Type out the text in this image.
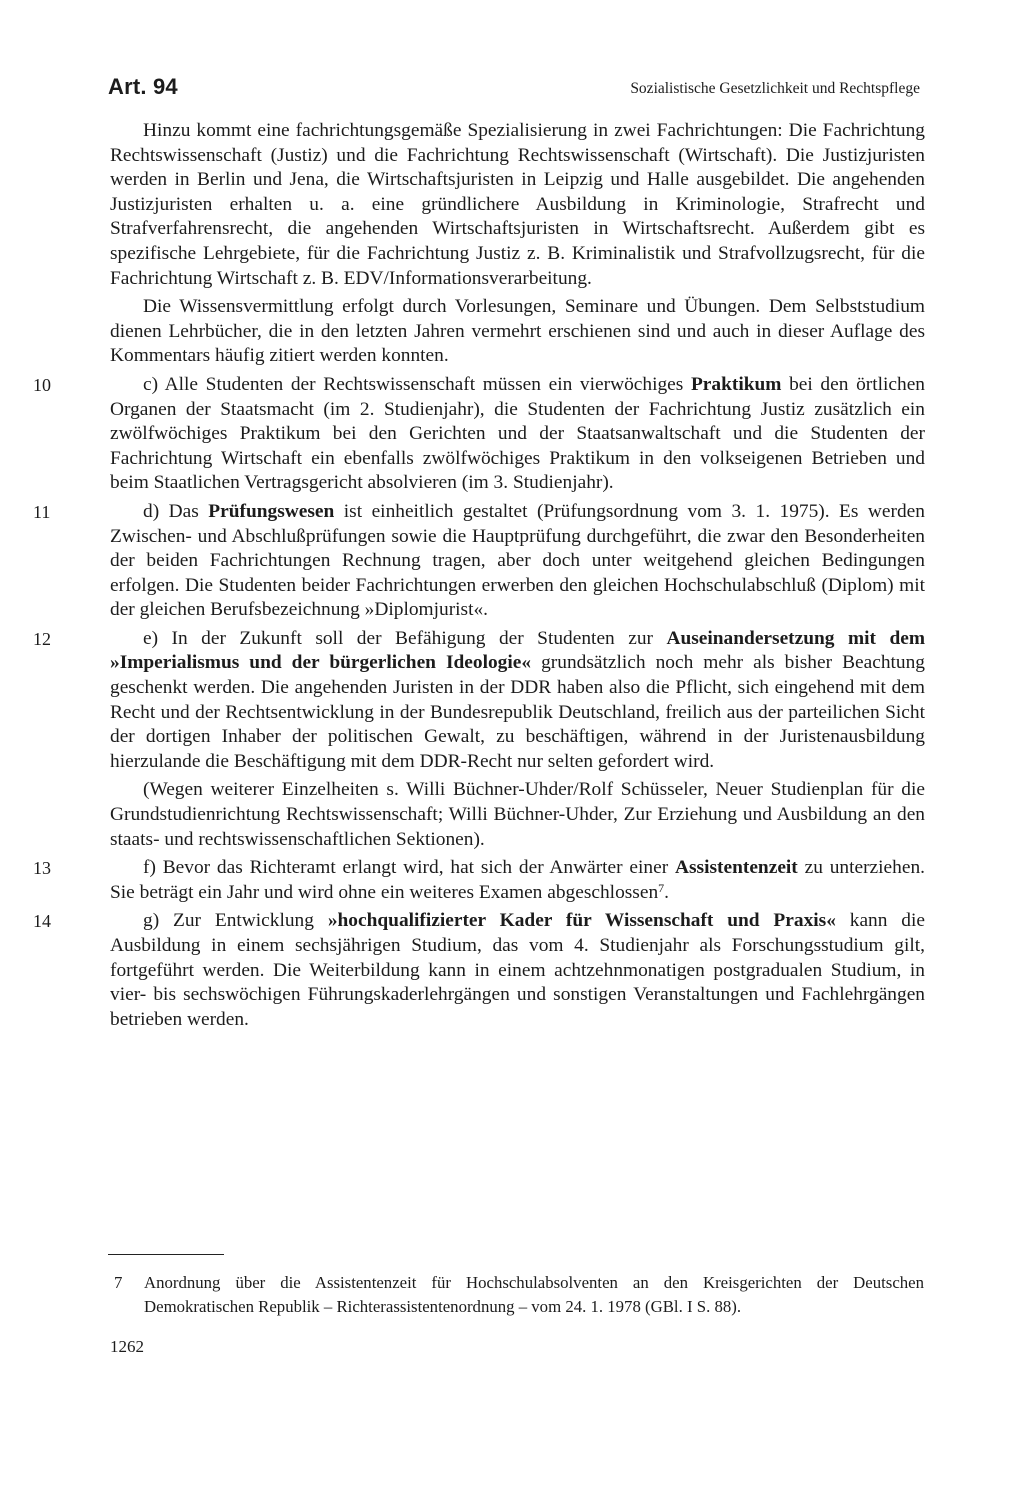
Art. 94	Sozialistische Gesetzlichkeit und Rechtspflege

Hinzu kommt eine fachrichtungsgemäße Spezialisierung in zwei Fachrichtungen: Die Fachrichtung Rechtswissenschaft (Justiz) und die Fachrichtung Rechtswissenschaft (Wirtschaft). Die Justizjuristen werden in Berlin und Jena, die Wirtschaftsjuristen in Leipzig und Halle ausgebildet. Die angehenden Justizjuristen erhalten u. a. eine gründlichere Ausbildung in Kriminologie, Strafrecht und Strafverfahrensrecht, die angehenden Wirtschaftsjuristen in Wirtschaftsrecht. Außerdem gibt es spezifische Lehrgebiete, für die Fachrichtung Justiz z. B. Kriminalistik und Strafvollzugsrecht, für die Fachrichtung Wirtschaft z. B. EDV/Informationsverarbeitung.

Die Wissensvermittlung erfolgt durch Vorlesungen, Seminare und Übungen. Dem Selbststudium dienen Lehrbücher, die in den letzten Jahren vermehrt erschienen sind und auch in dieser Auflage des Kommentars häufig zitiert werden konnten.

10	c) Alle Studenten der Rechtswissenschaft müssen ein vierwöchiges Praktikum bei den örtlichen Organen der Staatsmacht (im 2. Studienjahr), die Studenten der Fachrichtung Justiz zusätzlich ein zwölfwöchiges Praktikum bei den Gerichten und der Staatsanwaltschaft und die Studenten der Fachrichtung Wirtschaft ein ebenfalls zwölfwöchiges Praktikum in den volkseigenen Betrieben und beim Staatlichen Vertragsgericht absolvieren (im 3. Studienjahr).

11	d) Das Prüfungswesen ist einheitlich gestaltet (Prüfungsordnung vom 3. 1. 1975). Es werden Zwischen- und Abschlußprüfungen sowie die Hauptprüfung durchgeführt, die zwar den Besonderheiten der beiden Fachrichtungen Rechnung tragen, aber doch unter weitgehend gleichen Bedingungen erfolgen. Die Studenten beider Fachrichtungen erwerben den gleichen Hochschulabschluß (Diplom) mit der gleichen Berufsbezeichnung »Diplomjurist«.

12	e) In der Zukunft soll der Befähigung der Studenten zur Auseinandersetzung mit dem »Imperialismus und der bürgerlichen Ideologie« grundsätzlich noch mehr als bisher Beachtung geschenkt werden. Die angehenden Juristen in der DDR haben also die Pflicht, sich eingehend mit dem Recht und der Rechtsentwicklung in der Bundesrepublik Deutschland, freilich aus der parteilichen Sicht der dortigen Inhaber der politischen Gewalt, zu beschäftigen, während in der Juristenausbildung hierzulande die Beschäftigung mit dem DDR-Recht nur selten gefordert wird.

(Wegen weiterer Einzelheiten s. Willi Büchner-Uhder/Rolf Schüsseler, Neuer Studienplan für die Grundstudienrichtung Rechtswissenschaft; Willi Büchner-Uhder, Zur Erziehung und Ausbildung an den staats- und rechtswissenschaftlichen Sektionen).

13	f) Bevor das Richteramt erlangt wird, hat sich der Anwärter einer Assistentenzeit zu unterziehen. Sie beträgt ein Jahr und wird ohne ein weiteres Examen abgeschlossen$^7$.

14	g) Zur Entwicklung »hochqualifizierter Kader für Wissenschaft und Praxis« kann die Ausbildung in einem sechsjährigen Studium, das vom 4. Studienjahr als Forschungsstudium gilt, fortgeführt werden. Die Weiterbildung kann in einem achtzehnmonatigen postgradualen Studium, in vier- bis sechswöchigen Führungskaderlehrgängen und sonstigen Veranstaltungen und Fachlehrgängen betrieben werden.

7 Anordnung über die Assistentenzeit für Hochschulabsolventen an den Kreisgerichten der Deutschen Demokratischen Republik – Richterassistentenordnung – vom 24. 1. 1978 (GBl. I S. 88).
1262
